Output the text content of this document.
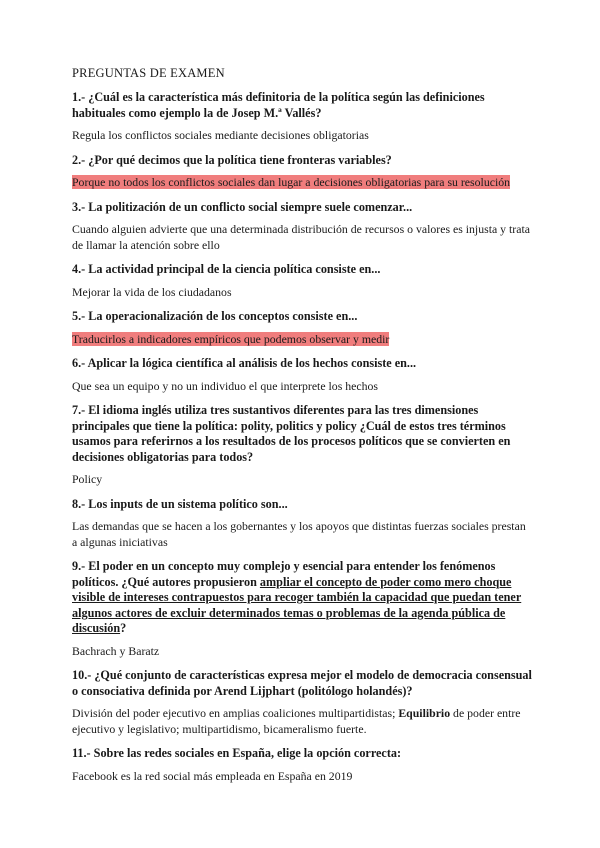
PREGUNTAS DE EXAMEN
1.- ¿Cuál es la característica más definitoria de la política según las definiciones habituales como ejemplo la de Josep M.ª Vallés?
Regula los conflictos sociales mediante decisiones obligatorias
2.- ¿Por qué decimos que la política tiene fronteras variables?
Porque no todos los conflictos sociales dan lugar a decisiones obligatorias para su resolución
3.- La politización de un conflicto social siempre suele comenzar...
Cuando alguien advierte que una determinada distribución de recursos o valores es injusta y trata de llamar la atención sobre ello
4.- La actividad principal de la ciencia política consiste en...
Mejorar la vida de los ciudadanos
5.- La operacionalización de los conceptos consiste en...
Traducirlos a indicadores empíricos que podemos observar y medir
6.- Aplicar la lógica científica al análisis de los hechos consiste en...
Que sea un equipo y no un individuo el que interprete los hechos
7.- El idioma inglés utiliza tres sustantivos diferentes para las tres dimensiones principales que tiene la política: polity, politics y policy ¿Cuál de estos tres términos usamos para referirnos a los resultados de los procesos políticos que se convierten en decisiones obligatorias para todos?
Policy
8.- Los inputs de un sistema político son...
Las demandas que se hacen a los gobernantes y los apoyos que distintas fuerzas sociales prestan a algunas iniciativas
9.- El poder en un concepto muy complejo y esencial para entender los fenómenos políticos. ¿Qué autores propusieron ampliar el concepto de poder como mero choque visible de intereses contrapuestos para recoger también la capacidad que puedan tener algunos actores de excluir determinados temas o problemas de la agenda pública de discusión?
Bachrach y Baratz
10.- ¿Qué conjunto de características expresa mejor el modelo de democracia consensual o consociativa definida por Arend Lijphart (politólogo holandés)?
División del poder ejecutivo en amplias coaliciones multipartidistas; Equilibrio de poder entre ejecutivo y legislativo; multipartidismo, bicameralismo fuerte.
11.- Sobre las redes sociales en España, elige la opción correcta:
Facebook es la red social más empleada en España en 2019
